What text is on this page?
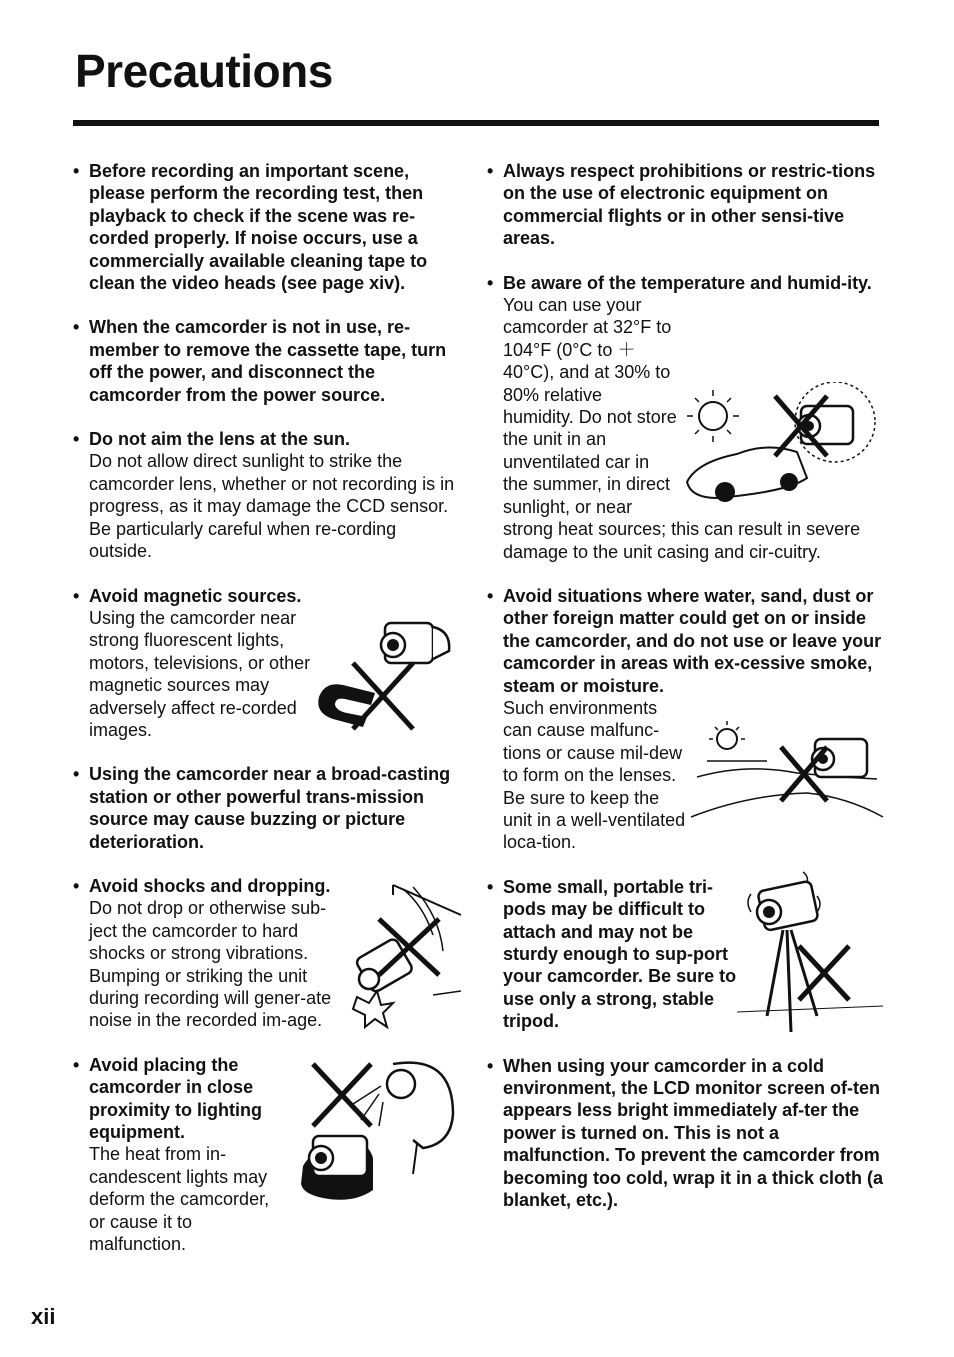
Precautions
• Before recording an important scene, please perform the recording test, then playback to check if the scene was re-corded properly. If noise occurs, use a commercially available cleaning tape to clean the video heads (see page xiv).
• When the camcorder is not in use, re-member to remove the cassette tape, turn off the power, and disconnect the camcorder from the power source.
• Do not aim the lens at the sun.
Do not allow direct sunlight to strike the camcorder lens, whether or not recording is in progress, as it may damage the CCD sensor. Be particularly careful when re-cording outside.
• Avoid magnetic sources.
Using the camcorder near strong fluorescent lights, motors, televisions, or other magnetic sources may adversely affect re-corded images.
• Using the camcorder near a broad-casting station or other powerful trans-mission source may cause buzzing or picture deterioration.
• Avoid shocks and dropping.
Do not drop or otherwise sub-ject the camcorder to hard shocks or strong vibrations. Bumping or striking the unit during recording will gener-ate noise in the recorded im-age.
• Avoid placing the camcorder in close proximity to lighting equipment.
The heat from in-candescent lights may deform the camcorder, or cause it to malfunction.
• Always respect prohibitions or restric-tions on the use of electronic equipment on commercial flights or in other sensi-tive areas.
• Be aware of the temperature and humid-ity.
You can use your camcorder at 32°F to 104°F (0°C to ＋40°C), and at 30% to 80% relative humidity. Do not store the unit in an unventilated car in the summer, in direct sunlight, or near strong heat sources; this can result in severe damage to the unit casing and cir-cuitry.
• Avoid situations where water, sand, dust or other foreign matter could get on or inside the camcorder, and do not use or leave your camcorder in areas with ex-cessive smoke, steam or moisture.
Such environments can cause malfunc-tions or cause mil-dew to form on the lenses. Be sure to keep the unit in a well-ventilated loca-tion.
• Some small, portable tri-pods may be difficult to attach and may not be sturdy enough to sup-port your camcorder. Be sure to use only a strong, stable tripod.
• When using your camcorder in a cold environment, the LCD monitor screen of-ten appears less bright immediately af-ter the power is turned on. This is not a malfunction. To prevent the camcorder from becoming too cold, wrap it in a thick cloth (a blanket, etc.).
xii
